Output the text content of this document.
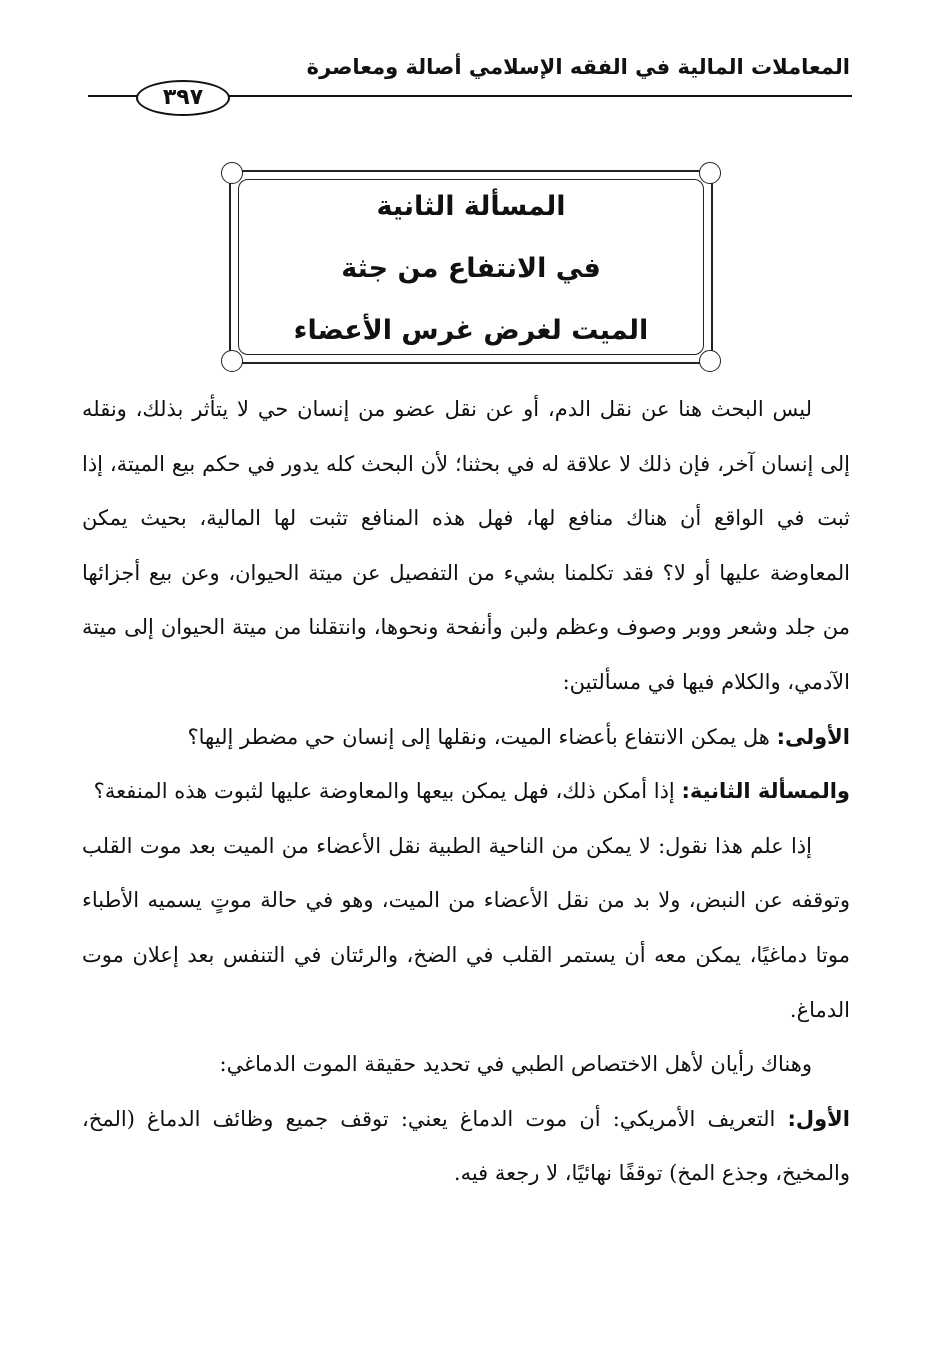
المعاملات المالية في الفقه الإسلامي أصالة ومعاصرة
٣٩٧
المسألة الثانية
في الانتفاع من جثة
الميت لغرض غرس الأعضاء

ليس البحث هنا عن نقل الدم، أو عن نقل عضو من إنسان حي لا يتأثر بذلك، ونقله إلى إنسان آخر، فإن ذلك لا علاقة له في بحثنا؛ لأن البحث كله يدور في حكم بيع الميتة، إذا ثبت في الواقع أن هناك منافع لها، فهل هذه المنافع تثبت لها المالية، بحيث يمكن المعاوضة عليها أو لا؟ فقد تكلمنا بشيء من التفصيل عن ميتة الحيوان، وعن بيع أجزائها من جلد وشعر ووبر وصوف وعظم ولبن وأنفحة ونحوها، وانتقلنا من ميتة الحيوان إلى ميتة الآدمي، والكلام فيها في مسألتين:

الأولى: هل يمكن الانتفاع بأعضاء الميت، ونقلها إلى إنسان حي مضطر إليها؟

والمسألة الثانية: إذا أمكن ذلك، فهل يمكن بيعها والمعاوضة عليها لثبوت هذه المنفعة؟

إذا علم هذا نقول: لا يمكن من الناحية الطبية نقل الأعضاء من الميت بعد موت القلب وتوقفه عن النبض، ولا بد من نقل الأعضاء من الميت، وهو في حالة موتٍ يسميه الأطباء موتا دماغيًا، يمكن معه أن يستمر القلب في الضخ، والرئتان في التنفس بعد إعلان موت الدماغ.

وهناك رأيان لأهل الاختصاص الطبي في تحديد حقيقة الموت الدماغي:

الأول: التعريف الأمريكي: أن موت الدماغ يعني: توقف جميع وظائف الدماغ (المخ، والمخيخ، وجذع المخ) توقفًا نهائيًا، لا رجعة فيه.
